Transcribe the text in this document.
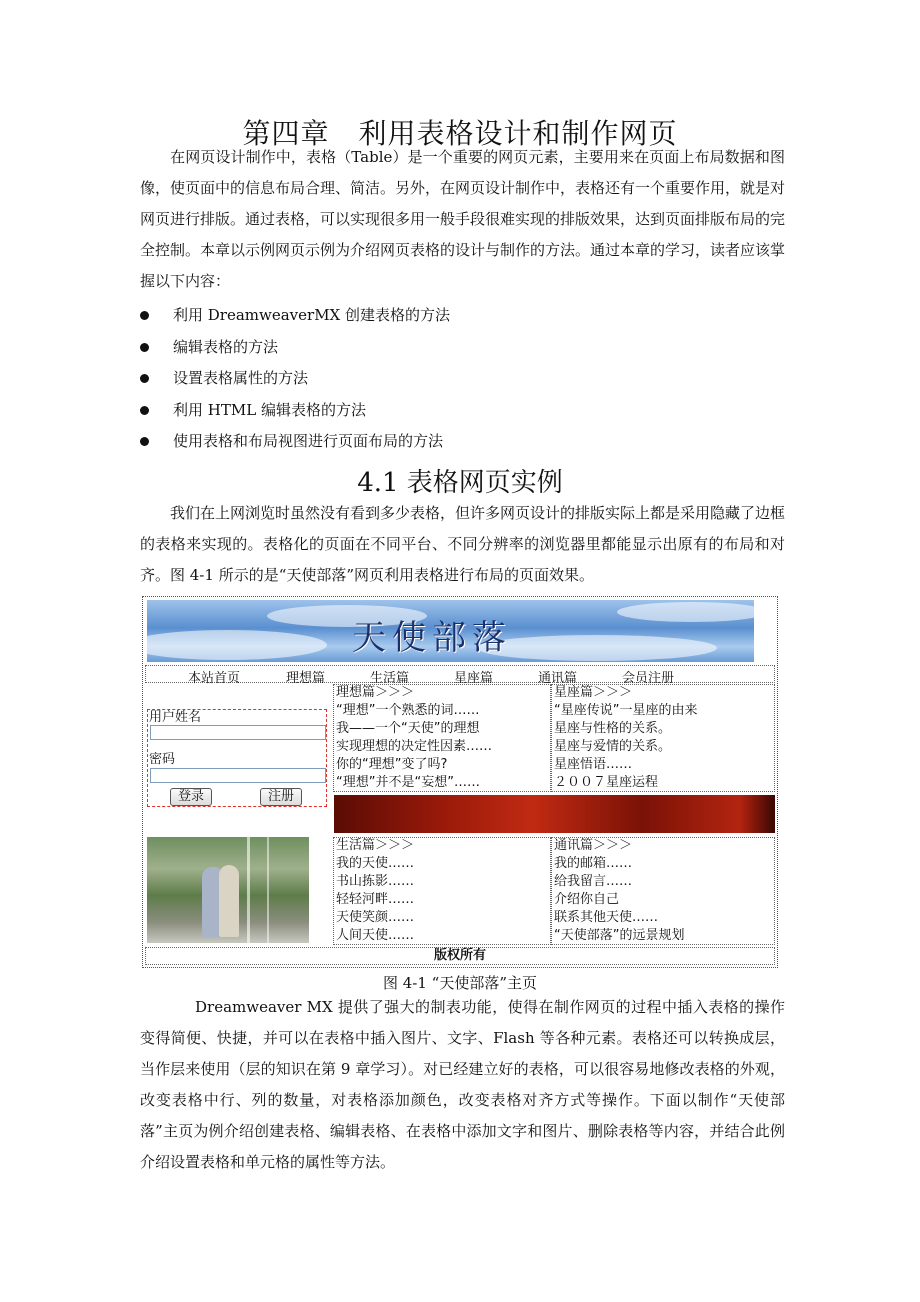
第四章　利用表格设计和制作网页
在网页设计制作中，表格（Table）是一个重要的网页元素，主要用来在页面上布局数据和图像，使页面中的信息布局合理、简洁。另外，在网页设计制作中，表格还有一个重要作用，就是对网页进行排版。通过表格，可以实现很多用一般手段很难实现的排版效果，达到页面排版布局的完全控制。本章以示例网页示例为介绍网页表格的设计与制作的方法。通过本章的学习，读者应该掌握以下内容：
利用 DreamweaverMX 创建表格的方法
编辑表格的方法
设置表格属性的方法
利用 HTML 编辑表格的方法
使用表格和布局视图进行页面布局的方法
4.1 表格网页实例
我们在上网浏览时虽然没有看到多少表格，但许多网页设计的排版实际上都是采用隐藏了边框的表格来实现的。表格化的页面在不同平台、不同分辨率的浏览器里都能显示出原有的布局和对齐。图 4-1 所示的是“天使部落”网页利用表格进行布局的页面效果。
天使部落
本站首页	理想篇	生活篇	星座篇	通讯篇	会员注册
用户姓名
密码
登录	注册
理想篇＞＞＞
“理想”一个熟悉的词……
我——一个“天使”的理想
实现理想的决定性因素……
你的“理想”变了吗?
“理想”并不是“妄想”……
星座篇＞＞＞
“星座传说”一星座的由来
星座与性格的关系。
星座与爱情的关系。
星座悟语……
２００７星座运程
生活篇＞＞＞
我的天使……
书山拣影……
轻轻河畔……
天使笑颜……
人间天使……
通讯篇＞＞＞
我的邮箱……
给我留言……
介绍你自己
联系其他天使……
“天使部落”的远景规划
版权所有
图 4-1 “天使部落”主页
Dreamweaver MX 提供了强大的制表功能，使得在制作网页的过程中插入表格的操作变得简便、快捷，并可以在表格中插入图片、文字、Flash 等各种元素。表格还可以转换成层，当作层来使用（层的知识在第 9 章学习）。对已经建立好的表格，可以很容易地修改表格的外观，改变表格中行、列的数量，对表格添加颜色，改变表格对齐方式等操作。下面以制作“天使部落”主页为例介绍创建表格、编辑表格、在表格中添加文字和图片、删除表格等内容，并结合此例介绍设置表格和单元格的属性等方法。
